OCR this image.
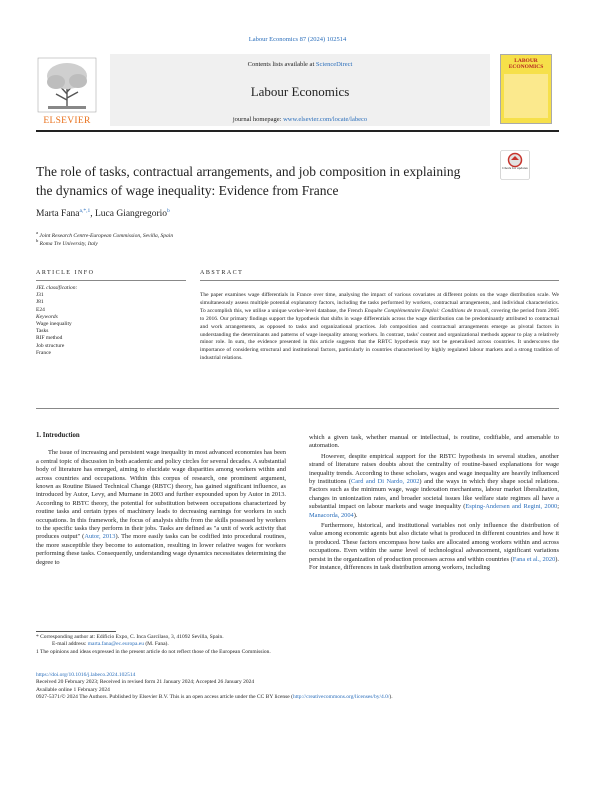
Labour Economics 87 (2024) 102514
ELSEVIER
Contents lists available at ScienceDirect
Labour Economics
journal homepage: www.elsevier.com/locate/labeco
LABOUR ECONOMICS
The role of tasks, contractual arrangements, and job composition in explaining the dynamics of wage inequality: Evidence from France
Check for updates
Marta Fana$^{a,*,1}$, Luca Giangregorio$^b$
$^a$ Joint Research Centre-European Commission, Sevilla, Spain
$^b$ Roma Tre University, Italy
ARTICLE INFO	ABSTRACT
JEL classification:
J31
J81
E24
Keywords
Wage inequality
Tasks
RIF method
Job structure
France
The paper examines wage differentials in France over time, analysing the impact of various covariates at different points on the wage distribution scale. We simultaneously assess multiple potential explanatory factors, including the tasks performed by workers, contractual arrangements, and individual characteristics. To accomplish this, we utilise a unique worker-level database, the French Enquête Complémentaire Emploi: Conditions de travail, covering the period from 2005 to 2016. Our primary findings support the hypothesis that shifts in wage differentials across the wage distribution can be predominantly attributed to contractual and work arrangements, as opposed to tasks and organizational practices. Job composition and contractual arrangements emerge as pivotal factors in understanding the determinants and patterns of wage inequality among workers. In contrast, tasks' content and organizational methods appear to play a relatively minor role. In sum, the evidence presented in this article suggests that the RBTC hypothesis may not be generalised across countries. It underscores the importance of considering structural and institutional factors, particularly in countries characterised by highly regulated labour markets and a strong tradition of industrial relations.
1. Introduction

The issue of increasing and persistent wage inequality in most advanced economies has been a central topic of discussion in both academic and policy circles for several decades. A substantial body of literature has emerged, aiming to elucidate wage disparities among workers within and across countries and occupations. Within this corpus of research, one prominent argument, known as Routine Biased Technical Change (RBTC) theory, has gained significant influence, as introduced by Autor, Levy, and Murnane in 2003 and further expounded upon by Autor in 2013. According to RBTC theory, the potential for substitution between occupations characterized by routine tasks and certain types of machinery leads to decreasing earnings for workers in such occupations. In this framework, the focus of analysis shifts from the skills possessed by workers to the specific tasks they perform in their jobs. Tasks are defined as "a unit of work activity that produces output" (Autor, 2013). The more easily tasks can be codified into procedural routines, the more susceptible they become to automation, resulting in lower relative wages for workers performing these tasks. Consequently, understanding wage dynamics necessitates determining the degree to

which a given task, whether manual or intellectual, is routine, codifiable, and amenable to automation.

However, despite empirical support for the RBTC hypothesis in several studies, another strand of literature raises doubts about the centrality of routine-based explanations for wage inequality trends. According to these scholars, wages and wage inequality are heavily influenced by institutions (Card and Di Nardo, 2002) and the ways in which they shape social relations. Factors such as the minimum wage, wage indexation mechanisms, labour market liberalization, changes in unionization rates, and broader societal issues like welfare state regimes all have a substantial impact on labour markets and wage inequality (Esping-Andersen and Regini, 2000; Manacorda, 2004).

Furthermore, historical, and institutional variables not only influence the distribution of value among economic agents but also dictate what is produced in different countries and how it is produced. These factors encompass how tasks are allocated among workers within and across occupations. Even within the same level of technological advancement, significant variations persist in the organization of production processes across and within countries (Fana et al., 2020). For instance, differences in task distribution among workers, including

* Corresponding author at: Edificio Expo, C. Inca Garcilaso, 3, 41092 Sevilla, Spain.
E-mail address: marta.fana@ec.europa.eu (M. Fana).
1 The opinions and ideas expressed in the present article do not reflect those of the European Commission.
https://doi.org/10.1016/j.labeco.2024.102514
Received 20 February 2023; Received in revised form 21 January 2024; Accepted 26 January 2024
Available online 1 February 2024
0927-5371/© 2024 The Authors. Published by Elsevier B.V. This is an open access article under the CC BY license (http://creativecommons.org/licenses/by/4.0/).
